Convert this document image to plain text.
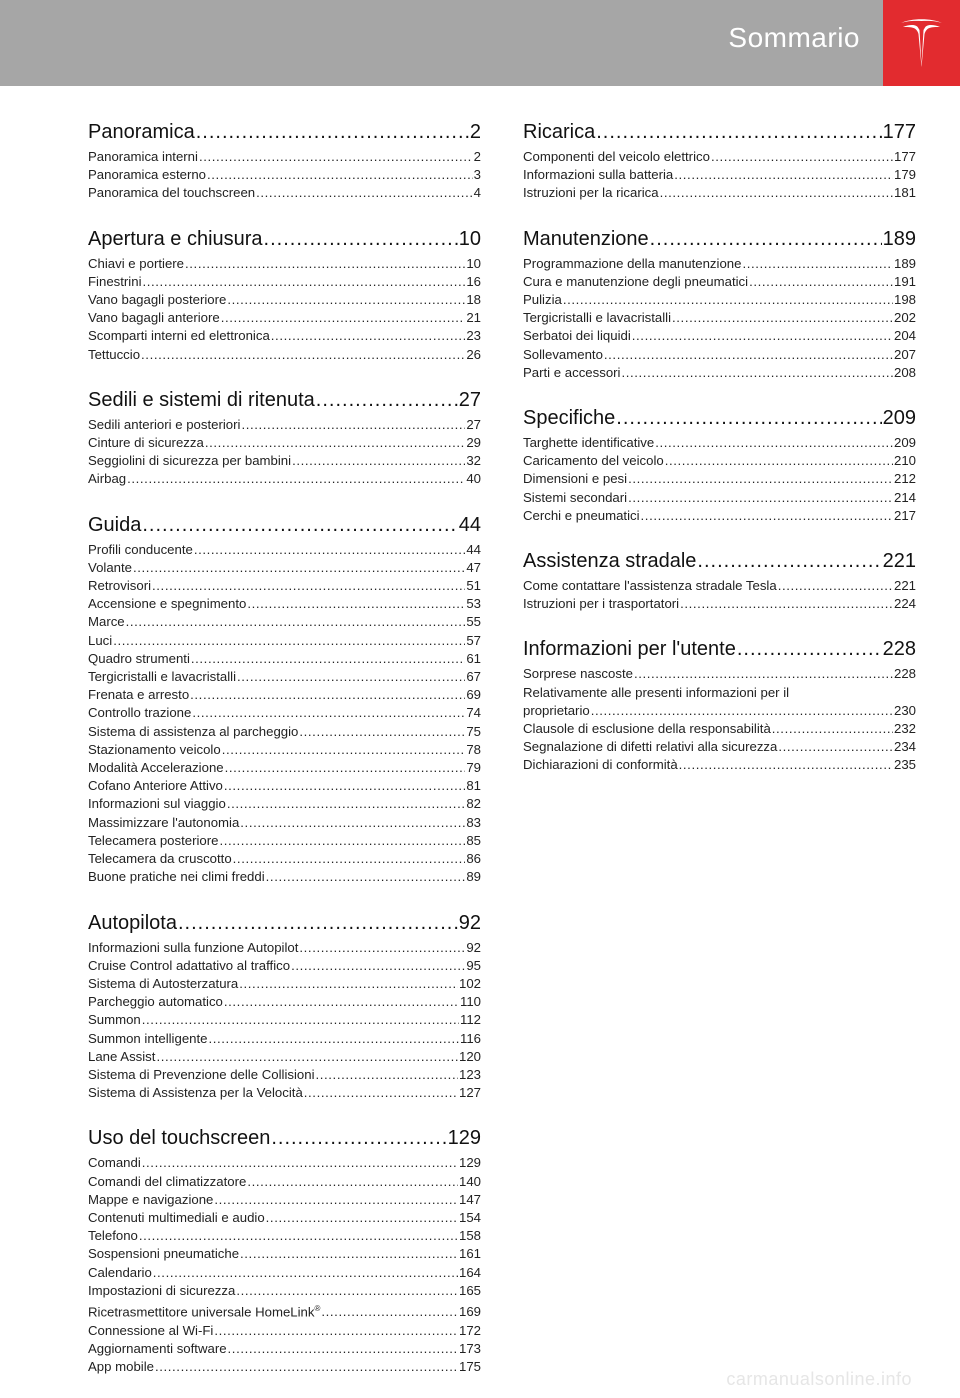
Sommario
Panoramica .....	2
Panoramica interni .....	2
Panoramica esterno .....	3
Panoramica del touchscreen .....	4
Apertura e chiusura .....	10
Chiavi e portiere .....	10
Finestrini .....	16
Vano bagagli posteriore .....	18
Vano bagagli anteriore .....	21
Scomparti interni ed elettronica .....	23
Tettuccio .....	26
Sedili e sistemi di ritenuta .....	27
Sedili anteriori e posteriori .....	27
Cinture di sicurezza .....	29
Seggiolini di sicurezza per bambini .....	32
Airbag .....	40
Guida .....	44
Profili conducente .....	44
Volante .....	47
Retrovisori .....	51
Accensione e spegnimento .....	53
Marce .....	55
Luci .....	57
Quadro strumenti .....	61
Tergicristalli e lavacristalli .....	67
Frenata e arresto .....	69
Controllo trazione .....	74
Sistema di assistenza al parcheggio .....	75
Stazionamento veicolo .....	78
Modalità Accelerazione .....	79
Cofano Anteriore Attivo .....	81
Informazioni sul viaggio .....	82
Massimizzare l'autonomia .....	83
Telecamera posteriore .....	85
Telecamera da cruscotto .....	86
Buone pratiche nei climi freddi .....	89
Autopilota .....	92
Informazioni sulla funzione Autopilot .....	92
Cruise Control adattativo al traffico .....	95
Sistema di Autosterzatura .....	102
Parcheggio automatico .....	110
Summon .....	112
Summon intelligente .....	116
Lane Assist .....	120
Sistema di Prevenzione delle Collisioni .....	123
Sistema di Assistenza per la Velocità .....	127
Uso del touchscreen .....	129
Comandi .....	129
Comandi del climatizzatore .....	140
Mappe e navigazione .....	147
Contenuti multimediali e audio .....	154
Telefono .....	158
Sospensioni pneumatiche .....	161
Calendario .....	164
Impostazioni di sicurezza .....	165
Ricetrasmettitore universale HomeLink® .....	169
Connessione al Wi-Fi .....	172
Aggiornamenti software .....	173
App mobile .....	175
Ricarica .....	177
Componenti del veicolo elettrico .....	177
Informazioni sulla batteria .....	179
Istruzioni per la ricarica .....	181
Manutenzione .....	189
Programmazione della manutenzione .....	189
Cura e manutenzione degli pneumatici .....	191
Pulizia .....	198
Tergicristalli e lavacristalli .....	202
Serbatoi dei liquidi .....	204
Sollevamento .....	207
Parti e accessori .....	208
Specifiche .....	209
Targhette identificative .....	209
Caricamento del veicolo .....	210
Dimensioni e pesi .....	212
Sistemi secondari .....	214
Cerchi e pneumatici .....	217
Assistenza stradale .....	221
Come contattare l'assistenza stradale Tesla .....	221
Istruzioni per i trasportatori .....	224
Informazioni per l'utente .....	228
Sorprese nascoste .....	228
Relativamente alle presenti informazioni per il
proprietario .....	230
Clausole di esclusione della responsabilità .....	232
Segnalazione di difetti relativi alla sicurezza .....	234
Dichiarazioni di conformità .....	235
carmanualsonline.info
